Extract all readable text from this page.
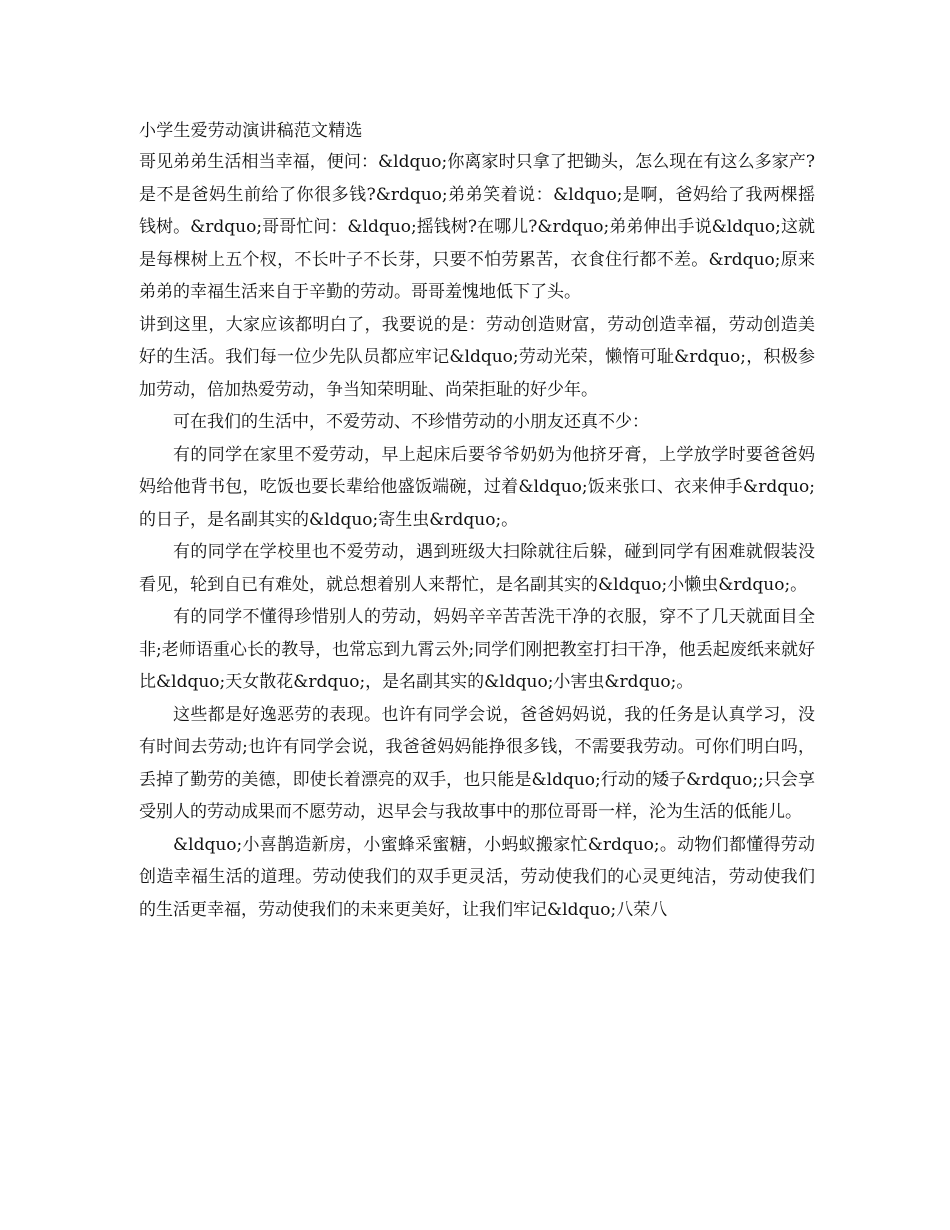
小学生爱劳动演讲稿范文精选

哥见弟弟生活相当幸福，便问：&ldquo;你离家时只拿了把锄头，怎么现在有这么多家产?是不是爸妈生前给了你很多钱?&rdquo;弟弟笑着说：&ldquo;是啊，爸妈给了我两棵摇钱树。&rdquo;哥哥忙问：&ldquo;摇钱树?在哪儿?&rdquo;弟弟伸出手说&ldquo;这就是每棵树上五个杈，不长叶子不长芽，只要不怕劳累苦，衣食住行都不差。&rdquo;原来弟弟的幸福生活来自于辛勤的劳动。哥哥羞愧地低下了头。

讲到这里，大家应该都明白了，我要说的是：劳动创造财富，劳动创造幸福，劳动创造美好的生活。我们每一位少先队员都应牢记&ldquo;劳动光荣，懒惰可耻&rdquo;，积极参加劳动，倍加热爱劳动，争当知荣明耻、尚荣拒耻的好少年。

可在我们的生活中，不爱劳动、不珍惜劳动的小朋友还真不少：

有的同学在家里不爱劳动，早上起床后要爷爷奶奶为他挤牙膏，上学放学时要爸爸妈妈给他背书包，吃饭也要长辈给他盛饭端碗，过着&ldquo;饭来张口、衣来伸手&rdquo;的日子，是名副其实的&ldquo;寄生虫&rdquo;。

有的同学在学校里也不爱劳动，遇到班级大扫除就往后躲，碰到同学有困难就假装没看见，轮到自已有难处，就总想着别人来帮忙，是名副其实的&ldquo;小懒虫&rdquo;。

有的同学不懂得珍惜别人的劳动，妈妈辛辛苦苦洗干净的衣服，穿不了几天就面目全非;老师语重心长的教导，也常忘到九霄云外;同学们刚把教室打扫干净，他丢起废纸来就好比&ldquo;天女散花&rdquo;，是名副其实的&ldquo;小害虫&rdquo;。

这些都是好逸恶劳的表现。也许有同学会说，爸爸妈妈说，我的任务是认真学习，没有时间去劳动;也许有同学会说，我爸爸妈妈能挣很多钱，不需要我劳动。可你们明白吗，丢掉了勤劳的美德，即使长着漂亮的双手，也只能是&ldquo;行动的矮子&rdquo;;只会享受别人的劳动成果而不愿劳动，迟早会与我故事中的那位哥哥一样，沦为生活的低能儿。

&ldquo;小喜鹊造新房，小蜜蜂采蜜糖，小蚂蚁搬家忙&rdquo;。动物们都懂得劳动创造幸福生活的道理。劳动使我们的双手更灵活，劳动使我们的心灵更纯洁，劳动使我们的生活更幸福，劳动使我们的未来更美好，让我们牢记&ldquo;八荣八
